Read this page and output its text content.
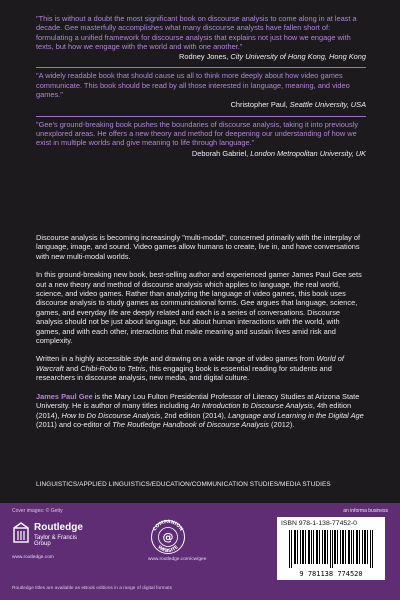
"This is without a doubt the most significant book on discourse analysis to come along in at least a decade. Gee masterfully accomplishes what many discourse analysts have fallen short of: formulating a unified framework for discourse analysis that explains not just how we engage with texts, but how we engage with the world and with one another."
Rodney Jones, City University of Hong Kong, Hong Kong
"A widely readable book that should cause us all to think more deeply about how video games communicate. This book should be read by all those interested in language, meaning, and video games."
Christopher Paul, Seattle University, USA
"Gee's ground-breaking book pushes the boundaries of discourse analysis, taking it into previously unexplored areas. He offers a new theory and method for deepening our understanding of how we exist in multiple worlds and give meaning to life through language."
Deborah Gabriel, London Metropolitan University, UK

Discourse analysis is becoming increasingly "multi-modal", concerned primarily with the interplay of language, image, and sound. Video games allow humans to create, live in, and have conversations with new multi-modal worlds.

In this ground-breaking new book, best-selling author and experienced gamer James Paul Gee sets out a new theory and method of discourse analysis which applies to language, the real world, science, and video games. Rather than analyzing the language of video games, this book uses discourse analysis to study games as communicational forms. Gee argues that language, science, games, and everyday life are deeply related and each is a series of conversations. Discourse analysis should not be just about language, but about human interactions with the world, with games, and with each other, interactions that make meaning and sustain lives amid risk and complexity.

Written in a highly accessible style and drawing on a wide range of video games from World of Warcraft and Chibi-Robo to Tetris, this engaging book is essential reading for students and researchers in discourse analysis, new media, and digital culture.

James Paul Gee is the Mary Lou Fulton Presidential Professor of Literacy Studies at Arizona State University. He is author of many titles including An Introduction to Discourse Analysis, 4th edition (2014), How to Do Discourse Analysis, 2nd edition (2014), Language and Learning in the Digital Age (2011) and co-editor of The Routledge Handbook of Discourse Analysis (2012).

LINGUISTICS/APPLIED LINGUISTICS/EDUCATION/COMMUNICATION STUDIES/MEDIA STUDIES
Cover images: © Getty	an informa business
Routledge
Taylor & Francis Group
www.routledge.com
COMPANION
WEBSITE
@
www.routledge.com/cw/gee
ISBN 978-1-138-77452-0
9 781138 774520
Routledge titles are available as eBook editions in a range of digital formats
